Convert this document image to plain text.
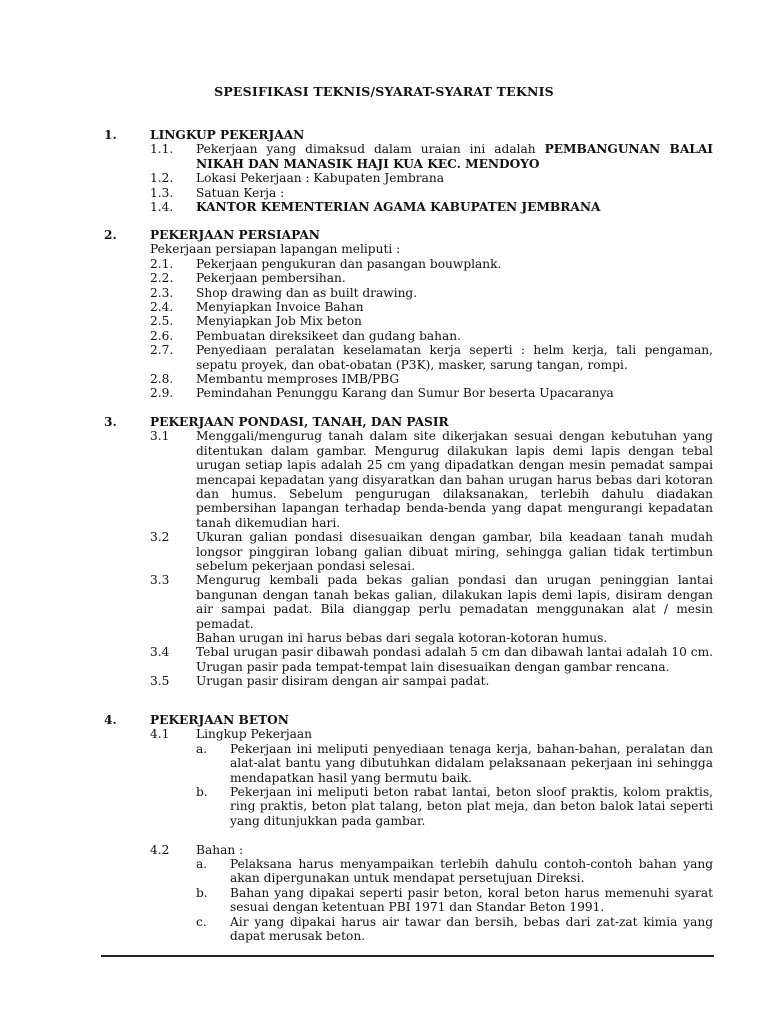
SPESIFIKASI TEKNIS/SYARAT-SYARAT TEKNIS
1.	LINGKUP PEKERJAAN
1.1. Pekerjaan yang dimaksud dalam uraian ini adalah PEMBANGUNAN BALAI NIKAH DAN MANASIK HAJI KUA KEC. MENDOYO
1.2. Lokasi Pekerjaan : Kabupaten Jembrana
1.3. Satuan Kerja :
1.4. KANTOR KEMENTERIAN AGAMA KABUPATEN JEMBRANA
2.	PEKERJAAN PERSIAPAN
Pekerjaan persiapan lapangan meliputi :
2.1. Pekerjaan pengukuran dan pasangan bouwplank.
2.2. Pekerjaan pembersihan.
2.3. Shop drawing dan as built drawing.
2.4. Menyiapkan Invoice Bahan
2.5. Menyiapkan Job Mix beton
2.6. Pembuatan direksikeet dan gudang bahan.
2.7. Penyediaan peralatan keselamatan kerja seperti : helm kerja, tali pengaman, sepatu proyek, dan obat-obatan (P3K), masker, sarung tangan, rompi.
2.8. Membantu memproses IMB/PBG
2.9. Pemindahan Penunggu Karang dan Sumur Bor beserta Upacaranya
3.	PEKERJAAN PONDASI, TANAH, DAN PASIR
3.1 Menggali/mengurug tanah dalam site dikerjakan sesuai dengan kebutuhan yang ditentukan dalam gambar. Mengurug dilakukan lapis demi lapis dengan tebal urugan setiap lapis adalah 25 cm yang dipadatkan dengan mesin pemadat sampai mencapai kepadatan yang disyaratkan dan bahan urugan harus bebas dari kotoran dan humus. Sebelum pengurugan dilaksanakan, terlebih dahulu diadakan pembersihan lapangan terhadap benda-benda yang dapat mengurangi kepadatan tanah dikemudian hari.
3.2 Ukuran galian pondasi disesuaikan dengan gambar, bila keadaan tanah mudah longsor pinggiran lobang galian dibuat miring, sehingga galian tidak tertimbun sebelum pekerjaan pondasi selesai.
3.3 Mengurug kembali pada bekas galian pondasi dan urugan peninggian lantai bangunan dengan tanah bekas galian, dilakukan lapis demi lapis, disiram dengan air sampai padat. Bila dianggap perlu pemadatan menggunakan alat / mesin pemadat.
Bahan urugan ini harus bebas dari segala kotoran-kotoran humus.
3.4 Tebal urugan pasir dibawah pondasi adalah 5 cm dan dibawah lantai adalah 10 cm. Urugan pasir pada tempat-tempat lain disesuaikan dengan gambar rencana.
3.5 Urugan pasir disiram dengan air sampai padat.
4.	PEKERJAAN BETON
4.1 Lingkup Pekerjaan
a. Pekerjaan ini meliputi penyediaan tenaga kerja, bahan-bahan, peralatan dan alat-alat bantu yang dibutuhkan didalam pelaksanaan pekerjaan ini sehingga mendapatkan hasil yang bermutu baik.
b. Pekerjaan ini meliputi beton rabat lantai, beton sloof praktis, kolom praktis, ring praktis, beton plat talang, beton plat meja, dan beton balok latai seperti yang ditunjukkan pada gambar.
4.2 Bahan :
a. Pelaksana harus menyampaikan terlebih dahulu contoh-contoh bahan yang akan dipergunakan untuk mendapat persetujuan Direksi.
b. Bahan yang dipakai seperti pasir beton, koral beton harus memenuhi syarat sesuai dengan ketentuan PBI 1971 dan Standar Beton 1991.
c. Air yang dipakai harus air tawar dan bersih, bebas dari zat-zat kimia yang dapat merusak beton.
